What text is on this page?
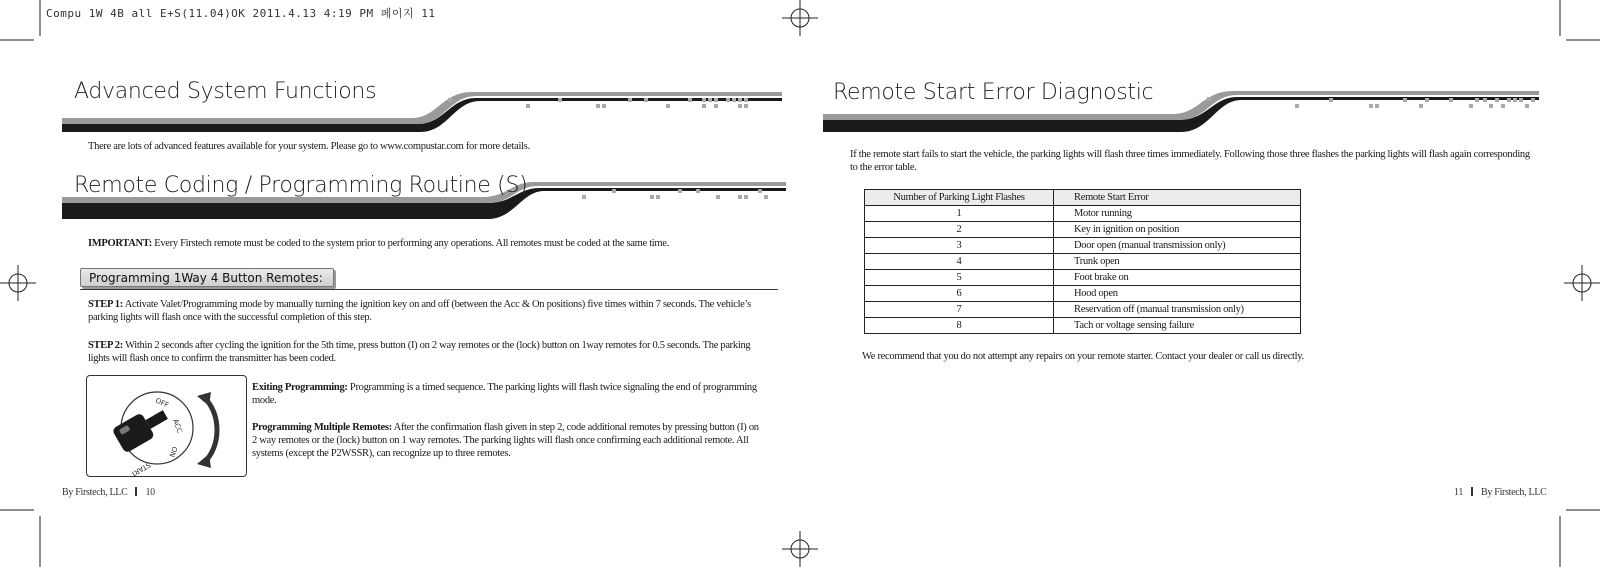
Compu 1W 4B all E+S(11.04)OK 2011.4.13 4:19 PM 페이지 11
Advanced System Functions
There are lots of advanced features available for your system. Please go to www.compustar.com for more details.
Remote Coding / Programming Routine (S)
IMPORTANT: Every Firstech remote must be coded to the system prior to performing any operations. All remotes must be coded at the same time.
Programming 1Way 4 Button Remotes:
STEP 1: Activate Valet/Programming mode by manually turning the ignition key on and off (between the Acc & On positions) five times within 7 seconds. The vehicle’s parking lights will flash once with the successful completion of this step.
STEP 2: Within 2 seconds after cycling the ignition for the 5th time, press button (I) on 2 way remotes or the (lock) button on 1way remotes for 0.5 seconds. The parking lights will flash once to confirm the transmitter has been coded.
OFF
ACC
ON
START
Exiting Programming: Programming is a timed sequence. The parking lights will flash twice signaling the end of programming mode.
Programming Multiple Remotes: After the confirmation flash given in step 2, code additional remotes by pressing button (I) on 2 way remotes or the (lock) button on 1 way remotes. The parking lights will flash once confirming each additional remote. All systems (except the P2WSSR), can recognize up to three remotes.
By Firstech, LLC 10
Remote Start Error Diagnostic
If the remote start fails to start the vehicle, the parking lights will flash three times immediately. Following those three flashes the parking lights will flash again corresponding to the error table.
Number of Parking Light Flashes	Remote Start Error
1	Motor running
2	Key in ignition on position
3	Door open (manual transmission only)
4	Trunk open
5	Foot brake on
6	Hood open
7	Reservation off (manual transmission only)
8	Tach or voltage sensing failure
We recommend that you do not attempt any repairs on your remote starter. Contact your dealer or call us directly.
11 By Firstech, LLC
